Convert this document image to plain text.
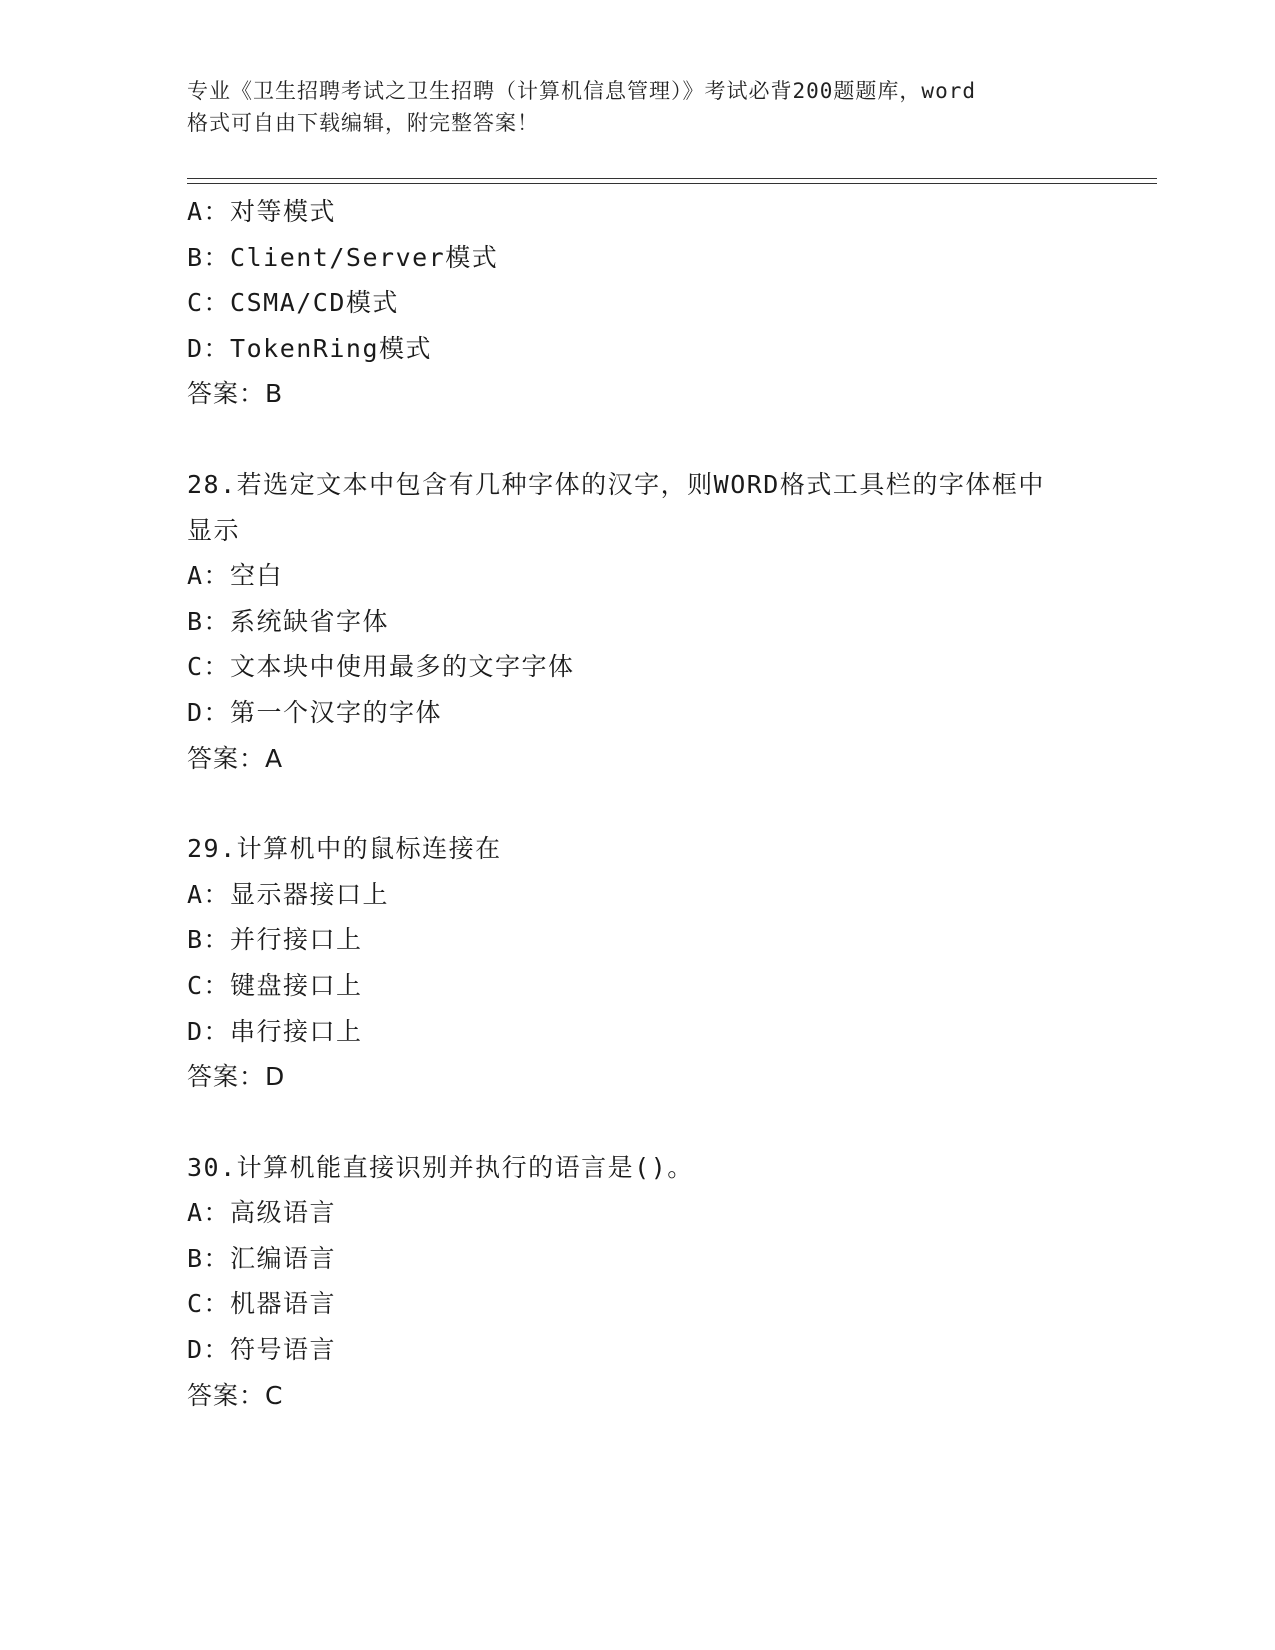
专业《卫生招聘考试之卫生招聘（计算机信息管理）》考试必背200题题库，word
格式可自由下载编辑，附完整答案！
A：对等模式
B：Client/Server模式
C：CSMA/CD模式
D：TokenRing模式
答案：B
28.若选定文本中包含有几种字体的汉字，则WORD格式工具栏的字体框中显示
A：空白
B：系统缺省字体
C：文本块中使用最多的文字字体
D：第一个汉字的字体
答案：A
29.计算机中的鼠标连接在
A：显示器接口上
B：并行接口上
C：键盘接口上
D：串行接口上
答案：D
30.计算机能直接识别并执行的语言是()。
A：高级语言
B：汇编语言
C：机器语言
D：符号语言
答案：C
